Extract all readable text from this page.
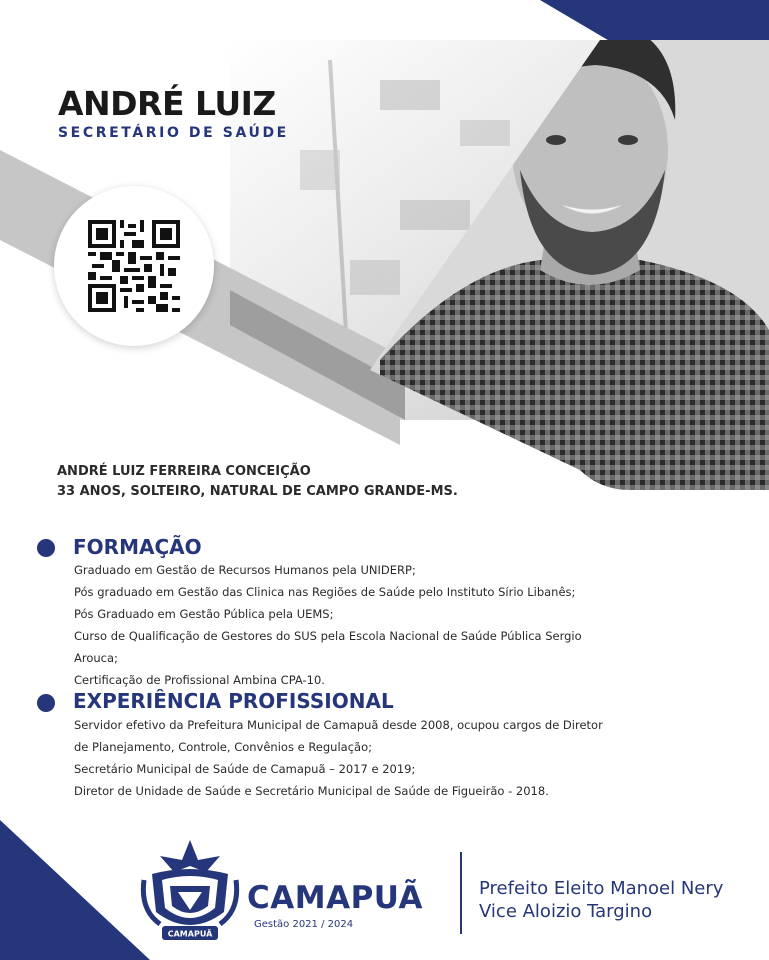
ANDRÉ LUIZ
SECRETÁRIO DE SAÚDE
ANDRÉ LUIZ FERREIRA CONCEIÇÃO
33 ANOS, SOLTEIRO, NATURAL DE CAMPO GRANDE-MS.
FORMAÇÃO
Graduado em Gestão de Recursos Humanos pela UNIDERP;
Pós graduado em Gestão das Clinica nas Regiões de Saúde pelo Instituto Sírio Libanês;
Pós Graduado em Gestão Pública pela UEMS;
Curso de Qualificação de Gestores do SUS pela Escola Nacional de Saúde Pública Sergio
Arouca;
Certificação de Profissional Ambina CPA-10.
EXPERIÊNCIA PROFISSIONAL
Servidor efetivo da Prefeitura Municipal de Camapuã desde 2008, ocupou cargos de Diretor
de Planejamento, Controle, Convênios e Regulação;
Secretário Municipal de Saúde de Camapuã – 2017 e 2019;
Diretor de Unidade de Saúde e Secretário Municipal de Saúde de Figueirão - 2018.
CAMAPUÃ
CAMAPUÃ
Gestão 2021 / 2024
Prefeito Eleito Manoel Nery
Vice Aloizio Targino
